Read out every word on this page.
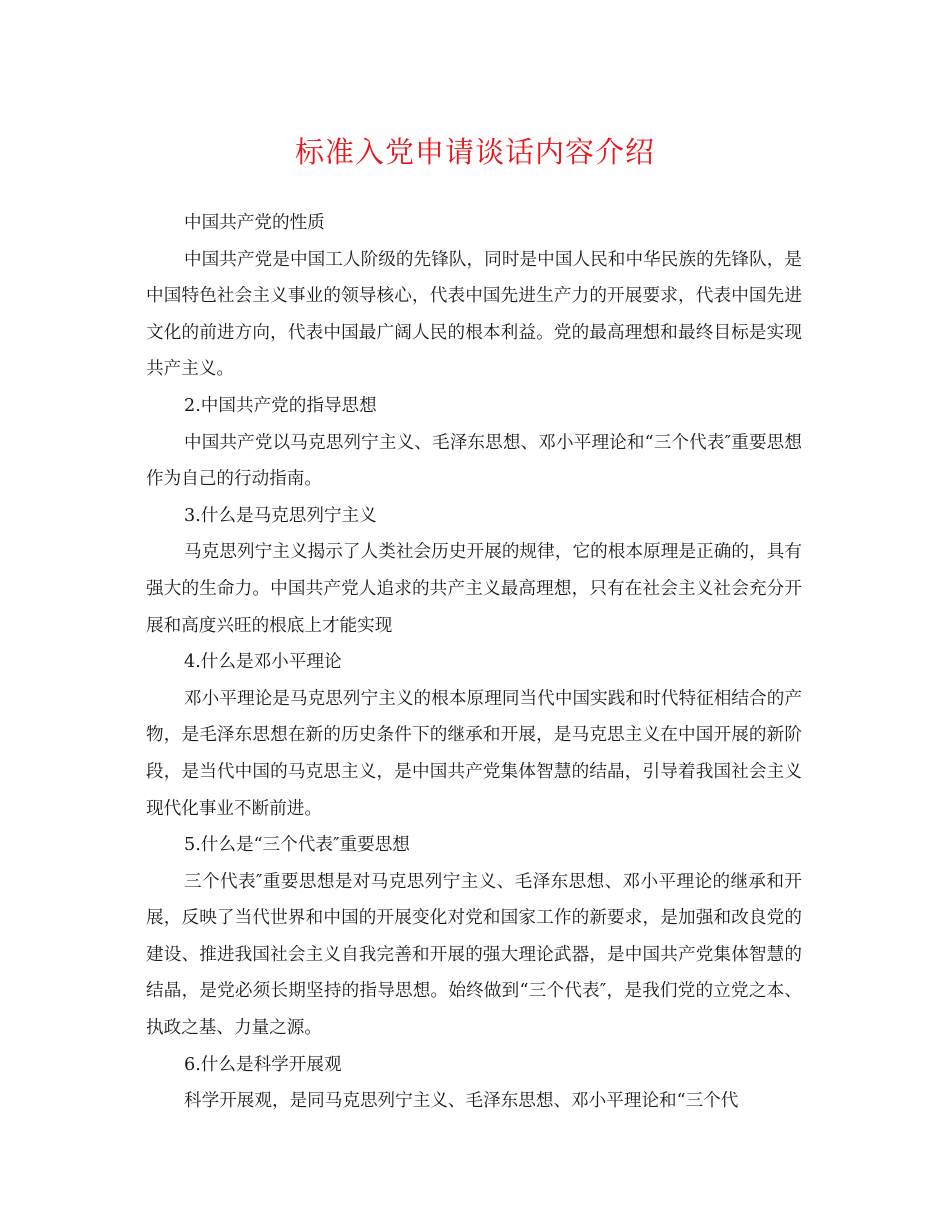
标准入党申请谈话内容介绍

中国共产党的性质

中国共产党是中国工人阶级的先锋队，同时是中国人民和中华民族的先锋队，是中国特色社会主义事业的领导核心，代表中国先进生产力的开展要求，代表中国先进文化的前进方向，代表中国最广阔人民的根本利益。党的最高理想和最终目标是实现共产主义。

2.中国共产党的指导思想

中国共产党以马克思列宁主义、毛泽东思想、邓小平理论和“三个代表″重要思想作为自己的行动指南。

3.什么是马克思列宁主义

马克思列宁主义揭示了人类社会历史开展的规律，它的根本原理是正确的，具有强大的生命力。中国共产党人追求的共产主义最高理想，只有在社会主义社会充分开展和高度兴旺的根底上才能实现

4.什么是邓小平理论

邓小平理论是马克思列宁主义的根本原理同当代中国实践和时代特征相结合的产物，是毛泽东思想在新的历史条件下的继承和开展，是马克思主义在中国开展的新阶段，是当代中国的马克思主义，是中国共产党集体智慧的结晶，引导着我国社会主义现代化事业不断前进。

5.什么是“三个代表″重要思想

三个代表″重要思想是对马克思列宁主义、毛泽东思想、邓小平理论的继承和开展，反映了当代世界和中国的开展变化对党和国家工作的新要求，是加强和改良党的建设、推进我国社会主义自我完善和开展的强大理论武器，是中国共产党集体智慧的结晶，是党必须长期坚持的指导思想。始终做到“三个代表″，是我们党的立党之本、执政之基、力量之源。

6.什么是科学开展观

科学开展观，是同马克思列宁主义、毛泽东思想、邓小平理论和“三个代
